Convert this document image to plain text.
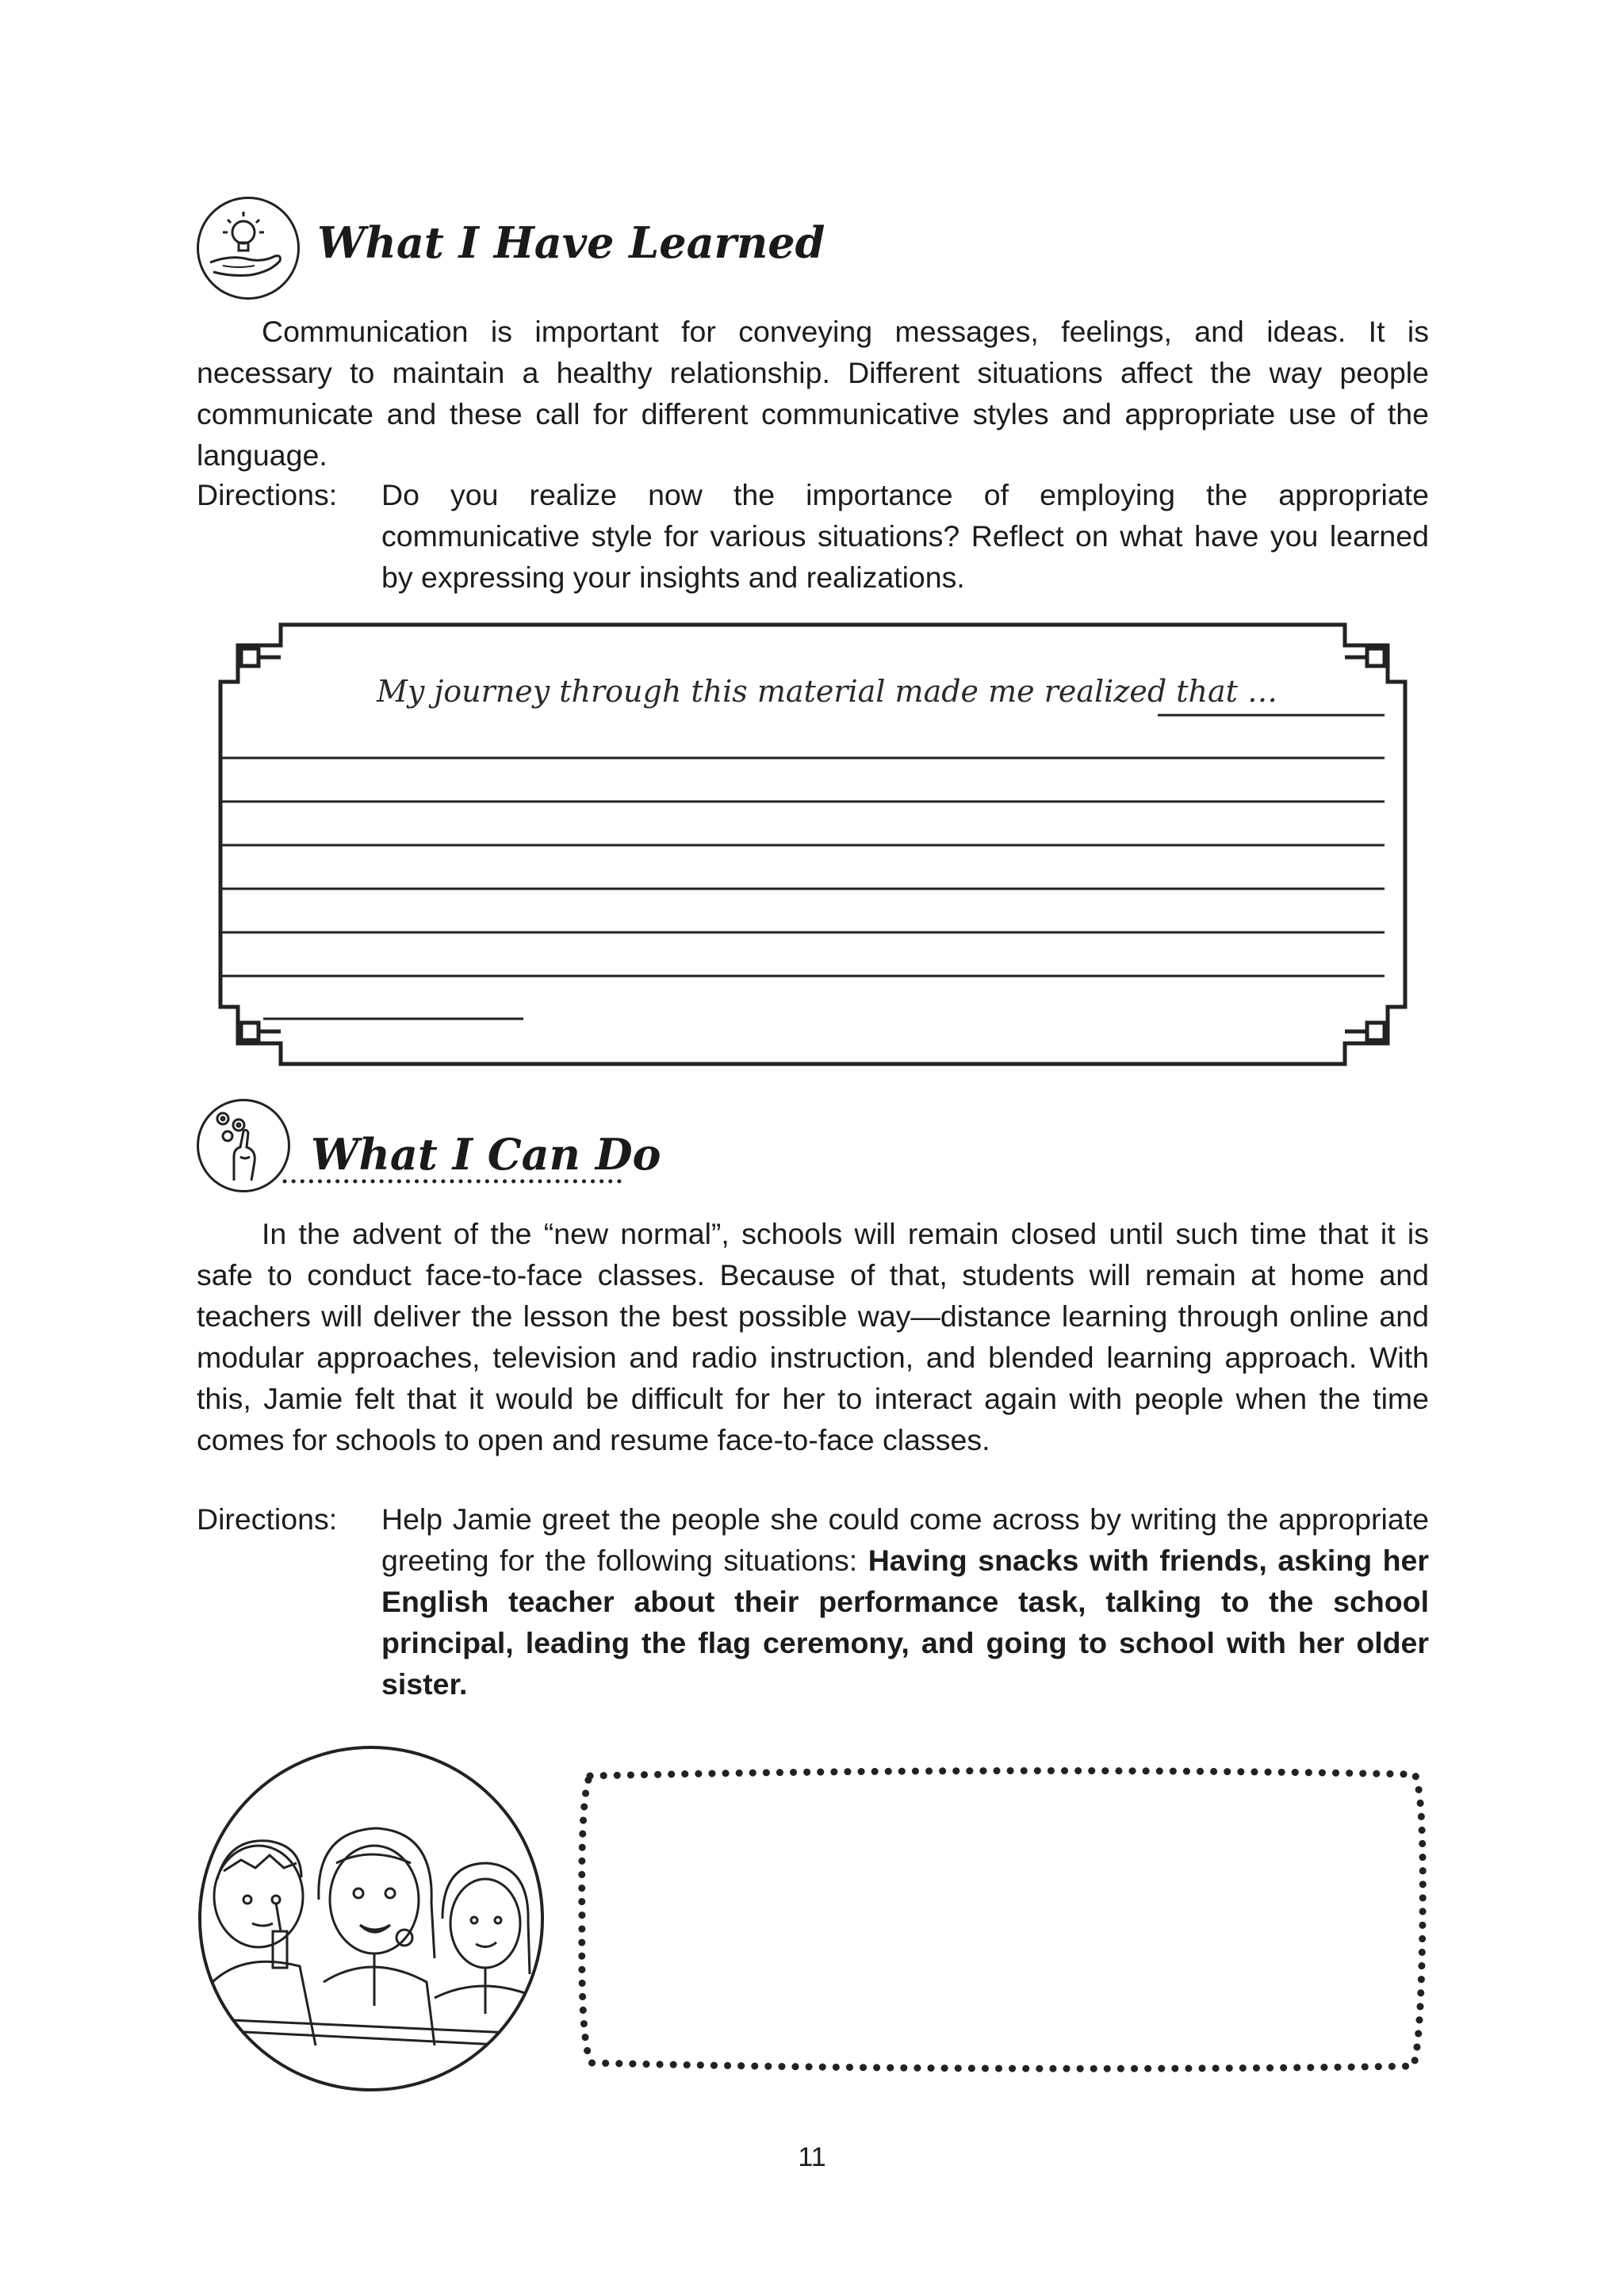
What I Have Learned
Communication is important for conveying messages, feelings, and ideas. It is necessary to maintain a healthy relationship. Different situations affect the way people communicate and these call for different communicative styles and appropriate use of the language.
Directions: Do you realize now the importance of employing the appropriate communicative style for various situations? Reflect on what have you learned by expressing your insights and realizations.
My journey through this material made me realized that …
What I Can Do
In the advent of the “new normal”, schools will remain closed until such time that it is safe to conduct face-to-face classes. Because of that, students will remain at home and teachers will deliver the lesson the best possible way—distance learning through online and modular approaches, television and radio instruction, and blended learning approach. With this, Jamie felt that it would be difficult for her to interact again with people when the time comes for schools to open and resume face-to-face classes.
Directions: Help Jamie greet the people she could come across by writing the appropriate greeting for the following situations: Having snacks with friends, asking her English teacher about their performance task, talking to the school principal, leading the flag ceremony, and going to school with her older sister.
11
